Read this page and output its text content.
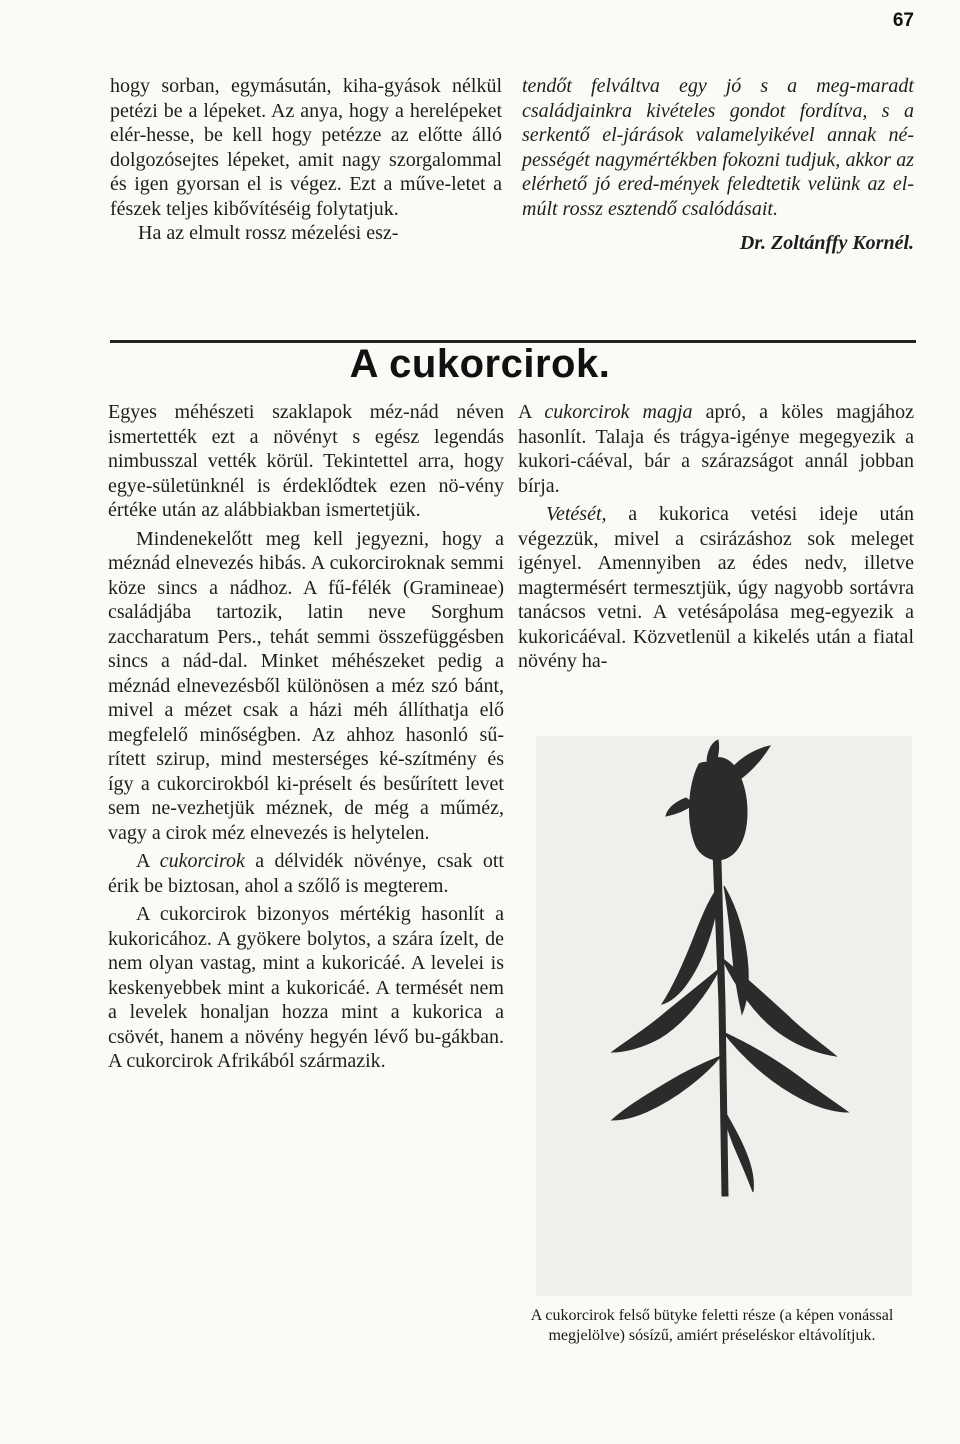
67

hogy sorban, egymásután, kiha-gyások nélkül petézi be a lépeket. Az anya, hogy a herelépeket elér-hesse, be kell hogy petézze az előtte álló dolgozósejtes lépeket, amit nagy szorgalommal és igen gyorsan el is végez. Ezt a műve-letet a fészek teljes kibővítéséig folytatjuk.

Ha az elmult rossz mézelési esz-

tendőt felváltva egy jó s a meg-maradt családjainkra kivételes gondot fordítva, s a serkentő el-járások valamelyikével annak né-pességét nagymértékben fokozni tudjuk, akkor az elérhető jó ered-mények feledtetik velünk az el-múlt rossz esztendő csalódásait.

Dr. Zoltánffy Kornél.
A cukorcirok.

Egyes méhészeti szaklapok méz-nád néven ismertették ezt a növényt s egész legendás nimbusszal vették körül. Tekintettel arra, hogy egye-sületünknél is érdeklődtek ezen nö-vény értéke után az alábbiakban ismertetjük.

Mindenekelőtt meg kell jegyezni, hogy a méznád elnevezés hibás. A cukorciroknak semmi köze sincs a nádhoz. A fű-félék (Gramineae) családjába tartozik, latin neve Sorghum zaccharatum Pers., tehát semmi összefüggésben sincs a nád-dal. Minket méhészeket pedig a méznád elnevezésből különösen a méz szó bánt, mivel a mézet csak a házi méh állíthatja elő megfelelő minőségben. Az ahhoz hasonló sű-rített szirup, mind mesterséges ké-szítmény és így a cukorcirokból ki-préselt és besűrített levet sem ne-vezhetjük méznek, de még a műméz, vagy a cirok méz elnevezés is helytelen.

A cukorcirok a délvidék növénye, csak ott érik be biztosan, ahol a szőlő is megterem.

A cukorcirok bizonyos mértékig hasonlít a kukoricához. A gyökere bolytos, a szára ízelt, de nem olyan vastag, mint a kukoricáé. A levelei is keskenyebbek mint a kukoricáé. A termését nem a levelek honaljan hozza mint a kukorica a csövét, hanem a növény hegyén lévő bu-gákban. A cukorcirok Afrikából származik.

A cukorcirok magja apró, a köles magjához hasonlít. Talaja és trágya-igénye megegyezik a kukori-cáéval, bár a szárazságot annál jobban bírja.

Vetését, a kukorica vetési ideje után végezzük, mivel a csirázáshoz sok meleget igényel. Amennyiben az édes nedv, illetve magtermésért termesztjük, úgy nagyobb sortávra tanácsos vetni. A vetésápolása meg-egyezik a kukoricáéval. Közvetlenül a kikelés után a fiatal növény ha-

A cukorcirok felső bütyke feletti része (a képen vonással megjelölve) sósízű, amiért préseléskor eltávolítjuk.
